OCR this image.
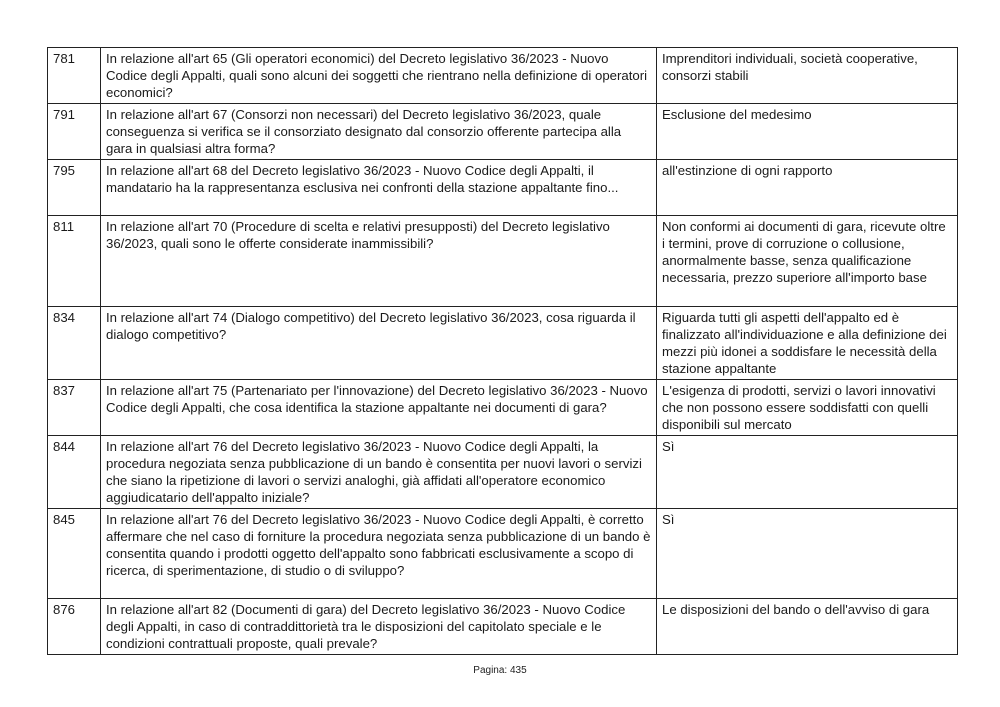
781	In relazione all'art 65 (Gli operatori economici) del Decreto legislativo 36/2023 - Nuovo Codice degli Appalti, quali sono alcuni dei soggetti che rientrano nella definizione di operatori economici?	Imprenditori individuali, società cooperative, consorzi stabili
791	In relazione all'art 67 (Consorzi non necessari) del Decreto legislativo 36/2023, quale conseguenza si verifica se il consorziato designato dal consorzio offerente partecipa alla gara in qualsiasi altra forma?	Esclusione del medesimo
795	In relazione all'art 68 del Decreto legislativo 36/2023 - Nuovo Codice degli Appalti, il mandatario ha la rappresentanza esclusiva nei confronti della stazione appaltante fino...	all'estinzione di ogni rapporto
811	In relazione all'art 70 (Procedure di scelta e relativi presupposti) del Decreto legislativo 36/2023, quali sono le offerte considerate inammissibili?	Non conformi ai documenti di gara, ricevute oltre i termini, prove di corruzione o collusione, anormalmente basse, senza qualificazione necessaria, prezzo superiore all'importo base
834	In relazione all'art 74 (Dialogo competitivo) del Decreto legislativo 36/2023, cosa riguarda il dialogo competitivo?	Riguarda tutti gli aspetti dell'appalto ed è finalizzato all'individuazione e alla definizione dei mezzi più idonei a soddisfare le necessità della stazione appaltante
837	In relazione all'art 75 (Partenariato per l'innovazione) del Decreto legislativo 36/2023 - Nuovo Codice degli Appalti, che cosa identifica la stazione appaltante nei documenti di gara?	L'esigenza di prodotti, servizi o lavori innovativi che non possono essere soddisfatti con quelli disponibili sul mercato
844	In relazione all'art 76 del Decreto legislativo 36/2023 - Nuovo Codice degli Appalti, la procedura negoziata senza pubblicazione di un bando è consentita per nuovi lavori o servizi che siano la ripetizione di lavori o servizi analoghi, già affidati all'operatore economico aggiudicatario dell'appalto iniziale?	Sì
845	In relazione all'art 76 del Decreto legislativo 36/2023 - Nuovo Codice degli Appalti, è corretto affermare che nel caso di forniture la procedura negoziata senza pubblicazione di un bando è consentita quando i prodotti oggetto dell'appalto sono fabbricati esclusivamente a scopo di ricerca, di sperimentazione, di studio o di sviluppo?	Sì
876	In relazione all'art 82 (Documenti di gara) del Decreto legislativo 36/2023 - Nuovo Codice degli Appalti, in caso di contraddittorietà tra le disposizioni del capitolato speciale e le condizioni contrattuali proposte, quali prevale?	Le disposizioni del bando o dell'avviso di gara
Pagina: 435
